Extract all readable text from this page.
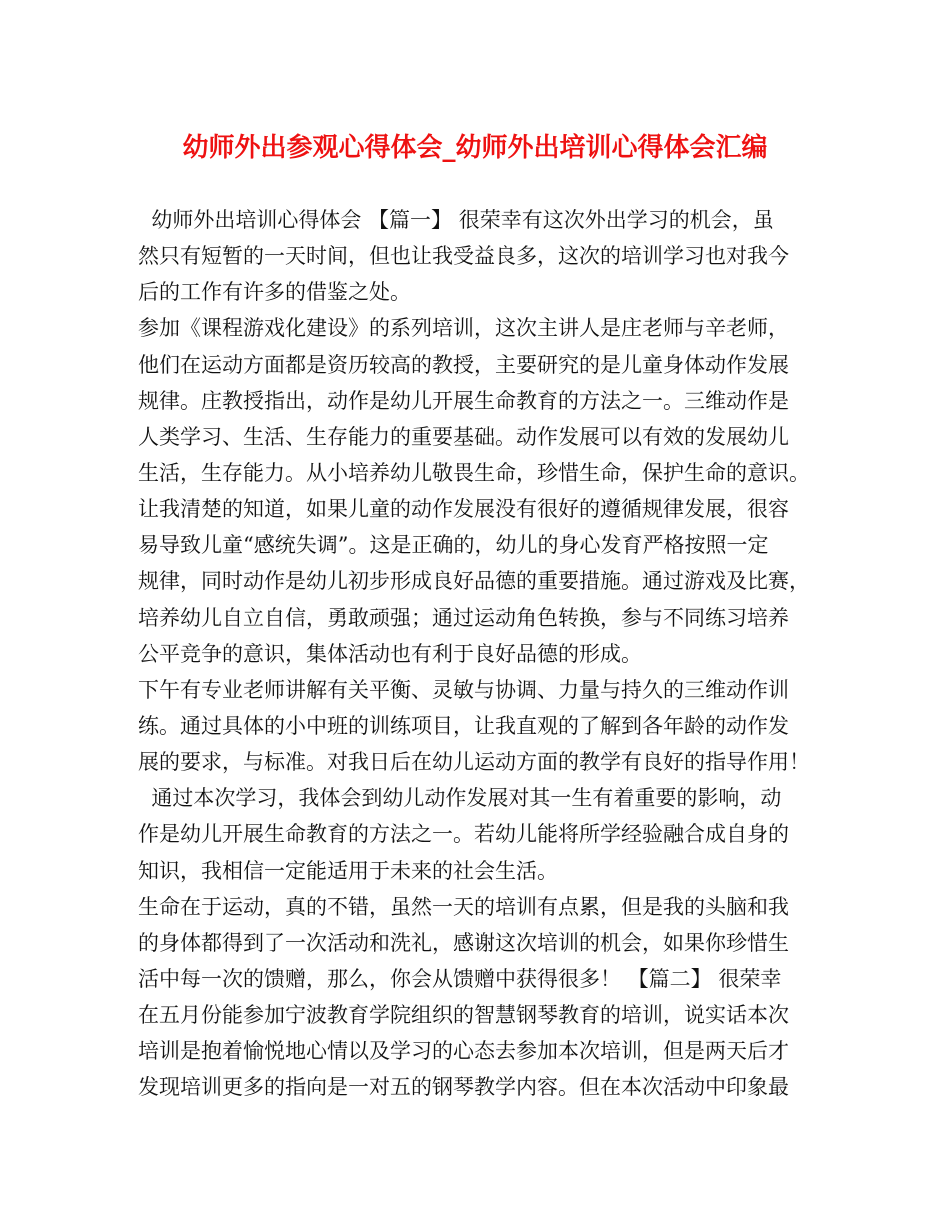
幼师外出参观心得体会_幼师外出培训心得体会汇编
幼师外出培训心得体会 【篇一】 很荣幸有这次外出学习的机会，虽
然只有短暂的一天时间，但也让我受益良多，这次的培训学习也对我今
后的工作有许多的借鉴之处。
参加《课程游戏化建设》的系列培训，这次主讲人是庄老师与辛老师，
他们在运动方面都是资历较高的教授，主要研究的是儿童身体动作发展
规律。庄教授指出，动作是幼儿开展生命教育的方法之一。三维动作是
人类学习、生活、生存能力的重要基础。动作发展可以有效的发展幼儿
生活，生存能力。从小培养幼儿敬畏生命，珍惜生命，保护生命的意识。
让我清楚的知道，如果儿童的动作发展没有很好的遵循规律发展，很容
易导致儿童“感统失调”。这是正确的，幼儿的身心发育严格按照一定
规律，同时动作是幼儿初步形成良好品德的重要措施。通过游戏及比赛，
培养幼儿自立自信，勇敢顽强；通过运动角色转换，参与不同练习培养
公平竞争的意识，集体活动也有利于良好品德的形成。
下午有专业老师讲解有关平衡、灵敏与协调、力量与持久的三维动作训
练。通过具体的小中班的训练项目，让我直观的了解到各年龄的动作发
展的要求，与标准。对我日后在幼儿运动方面的教学有良好的指导作用！
通过本次学习，我体会到幼儿动作发展对其一生有着重要的影响，动
作是幼儿开展生命教育的方法之一。若幼儿能将所学经验融合成自身的
知识，我相信一定能适用于未来的社会生活。
生命在于运动，真的不错，虽然一天的培训有点累，但是我的头脑和我
的身体都得到了一次活动和洗礼，感谢这次培训的机会，如果你珍惜生
活中每一次的馈赠，那么，你会从馈赠中获得很多！ 【篇二】 很荣幸
在五月份能参加宁波教育学院组织的智慧钢琴教育的培训，说实话本次
培训是抱着愉悦地心情以及学习的心态去参加本次培训，但是两天后才
发现培训更多的指向是一对五的钢琴教学内容。但在本次活动中印象最
